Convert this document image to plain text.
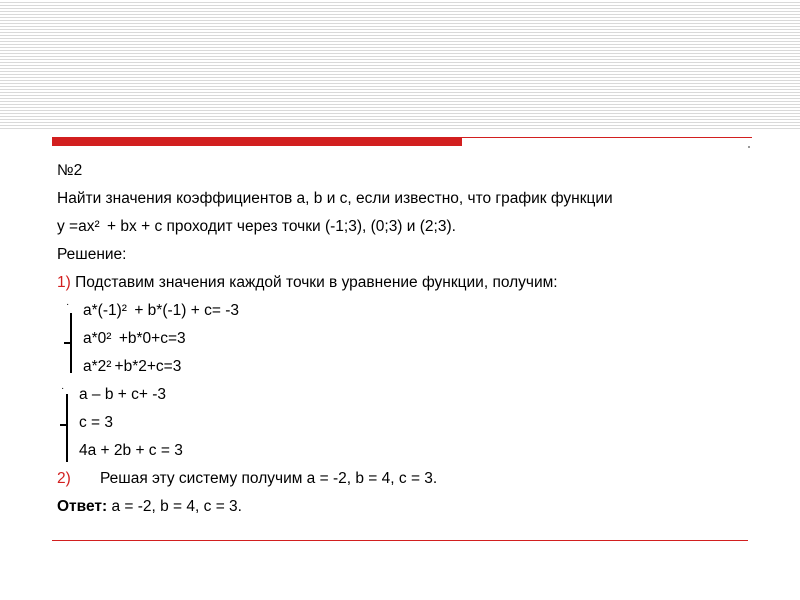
№2
Найти значения коэффициентов a, b и c, если известно, что график функции
y =ax²  + bx + c проходит через точки (-1;3), (0;3) и (2;3).
Решение:
1) Подставим значения каждой точки в уравнение функции, получим:
· a*(-1)²  + b*(-1) + c= -3
a*0²  +b*0+c=3
a*2² +b*2+c=3
· a – b + c+ -3
c = 3
4a + 2b + c = 3
2) Решая эту систему получим a = -2, b = 4, c = 3.
Ответ: a = -2, b = 4, c = 3.
